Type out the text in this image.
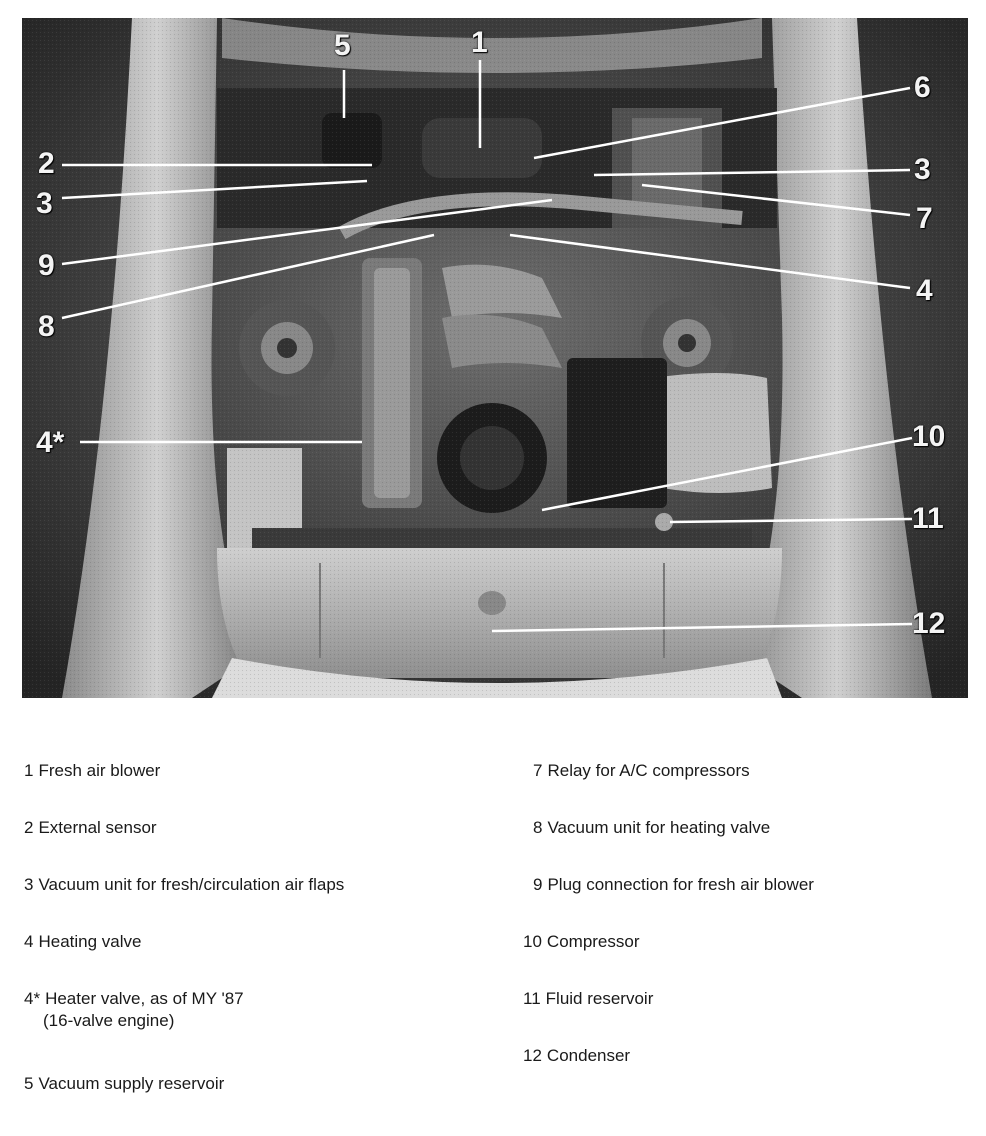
1
5
2
3
6
3
7
9
8
4
4*	10
11
12
1 Fresh air blower
2 External sensor
3 Vacuum unit for fresh/circulation air flaps
4 Heating valve
4* Heater valve, as of MY '87
(16-valve engine)
5 Vacuum supply reservoir
7 Relay for A/C compressors
8 Vacuum unit for heating valve
9 Plug connection for fresh air blower
10 Compressor
11 Fluid reservoir
12 Condenser
